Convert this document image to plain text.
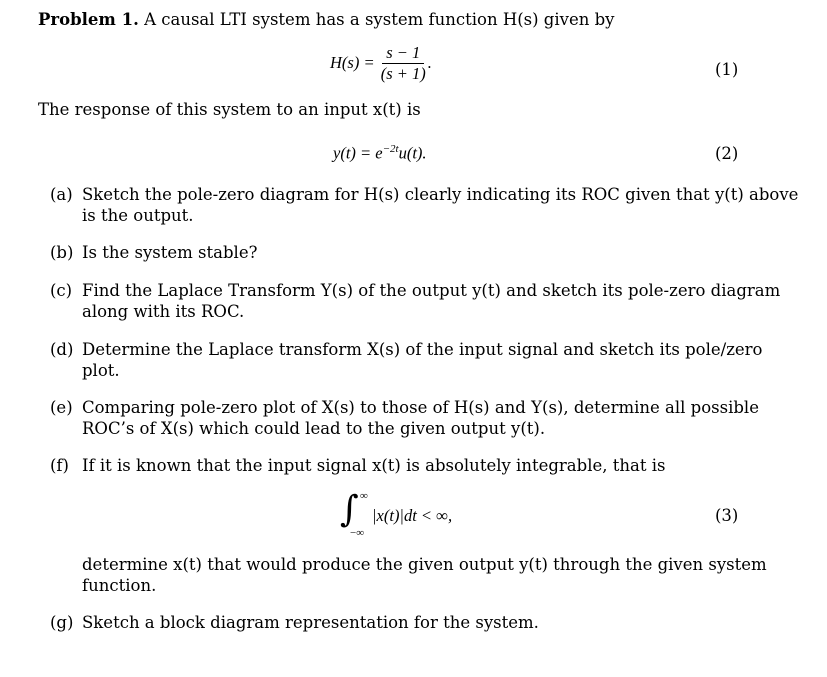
Problem 1. A causal LTI system has a system function H(s) given by
$H(s) = \frac{s - 1}{(s + 1)}$ .	(1)
The response of this system to an input x(t) is
$y(t) = e^{-2t}u(t)$.	(2)
(a) Sketch the pole-zero diagram for H(s) clearly indicating its ROC given that y(t) above
is the output.
(b) Is the system stable?
(c) Find the Laplace Transform Y(s) of the output y(t) and sketch its pole-zero diagram
along with its ROC.
(d) Determine the Laplace transform X(s) of the input signal and sketch its pole/zero
plot.
(e) Comparing pole-zero plot of X(s) to those of H(s) and Y(s), determine all possible
ROC’s of X(s) which could lead to the given output y(t).
(f) If it is known that the input signal x(t) is absolutely integrable, that is
∫ ∞
−∞
|x(t)|dt < ∞,	(3)
determine x(t) that would produce the given output y(t) through the given system
function.
(g) Sketch a block diagram representation for the system.
